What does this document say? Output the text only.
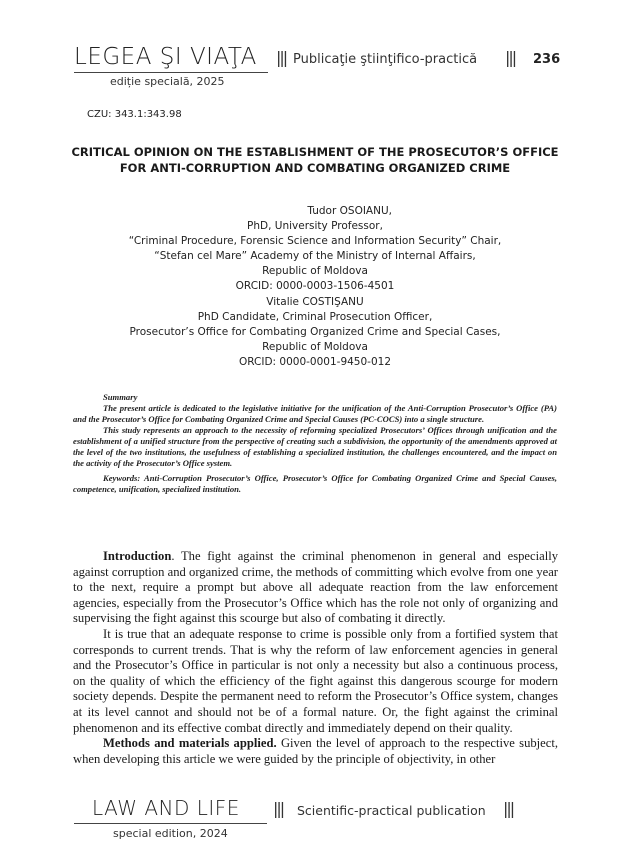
LEGEA ŞI VIAŢA
ediție specială, 2025
||| Publicaţie ştiinţifico-practică ||| 236
CZU: 343.1:343.98
CRITICAL OPINION ON THE ESTABLISHMENT OF THE PROSECUTOR’S OFFICE
FOR ANTI-CORRUPTION AND COMBATING ORGANIZED CRIME
Tudor OSOIANU,
PhD, University Professor,
“Criminal Procedure, Forensic Science and Information Security” Chair,
“Stefan cel Mare” Academy of the Ministry of Internal Affairs,
Republic of Moldova
ORCID: 0000-0003-1506-4501
Vitalie COSTIŞANU
PhD Candidate, Criminal Prosecution Officer,
Prosecutor’s Office for Combating Organized Crime and Special Cases,
Republic of Moldova
ORCID: 0000-0001-9450-012

Summary

The present article is dedicated to the legislative initiative for the unification of the Anti-Corruption Prosecutor’s Office (PA) and the Prosecutor’s Office for Combating Organized Crime and Special Causes (PC-COCS) into a single structure.

This study represents an approach to the necessity of reforming specialized Prosecutors’ Offices through unification and the establishment of a unified structure from the perspective of creating such a subdivision, the opportunity of the amendments approved at the level of the two institutions, the usefulness of establishing a specialized institution, the challenges encountered, and the impact on the activity of the Prosecutor’s Office system.

Keywords: Anti-Corruption Prosecutor’s Office, Prosecutor’s Office for Combating Organized Crime and Special Causes, competence, unification, specialized institution.

Introduction. The fight against the criminal phenomenon in general and especially against corruption and organized crime, the methods of committing which evolve from one year to the next, require a prompt but above all adequate reaction from the law enforcement agencies, especially from the Prosecutor’s Office which has the role not only of organizing and supervising the fight against this scourge but also of combating it directly.

It is true that an adequate response to crime is possible only from a fortified system that corresponds to current trends. That is why the reform of law enforcement agencies in general and the Prosecutor’s Office in particular is not only a necessity but also a continuous process, on the quality of which the efficiency of the fight against this dangerous scourge for modern society depends. Despite the permanent need to reform the Prosecutor’s Office system, changes at its level cannot and should not be of a formal nature. Or, the fight against the criminal phenomenon and its effective combat directly and immediately depend on their quality.

Methods and materials applied. Given the level of approach to the respective subject, when developing this article we were guided by the principle of objectivity, in other

LAW AND LIFE ||| Scientific-practical publication |||
special edition, 2024
